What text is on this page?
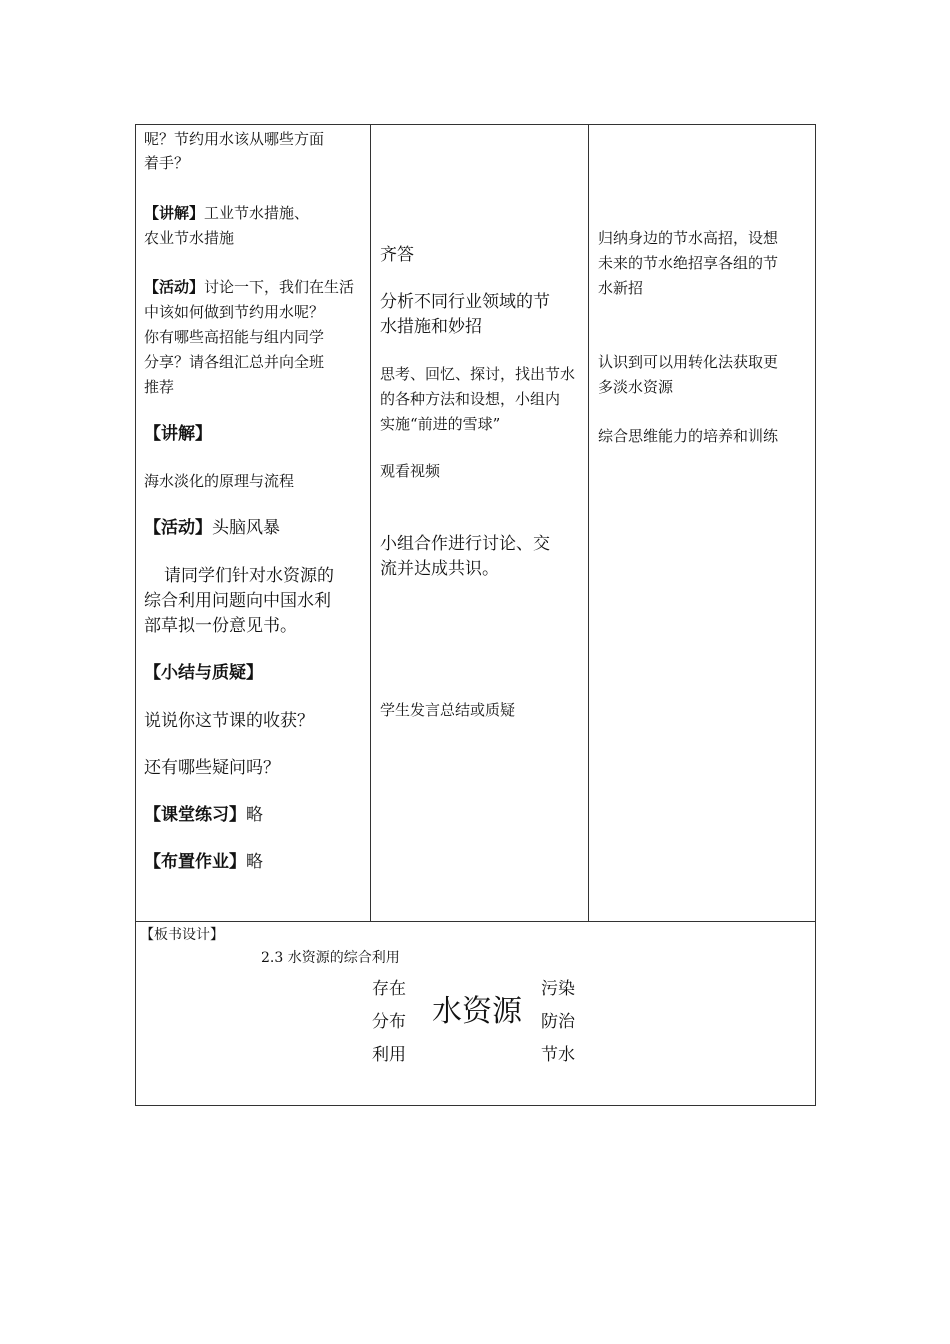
呢？节约用水该从哪些方面
着手？
【讲解】工业节水措施、
农业节水措施
【活动】讨论一下，我们在生活
中该如何做到节约用水呢？
你有哪些高招能与组内同学
分享？请各组汇总并向全班
推荐
【讲解】
海水淡化的原理与流程
【活动】头脑风暴
请同学们针对水资源的
综合利用问题向中国水利
部草拟一份意见书。
【小结与质疑】
说说你这节课的收获？
还有哪些疑问吗？
【课堂练习】略
【布置作业】略
齐答
分析不同行业领域的节
水措施和妙招
思考、回忆、探讨，找出节水
的各种方法和设想，小组内
实施“前进的雪球”
观看视频
小组合作进行讨论、交
流并达成共识。
学生发言总结或质疑
归纳身边的节水高招，设想
未来的节水绝招享各组的节
水新招
认识到可以用转化法获取更
多淡水资源
综合思维能力的培养和训练
【板书设计】
2.3 水资源的综合利用
存在
分布
利用
水资源
污染
防治
节水
